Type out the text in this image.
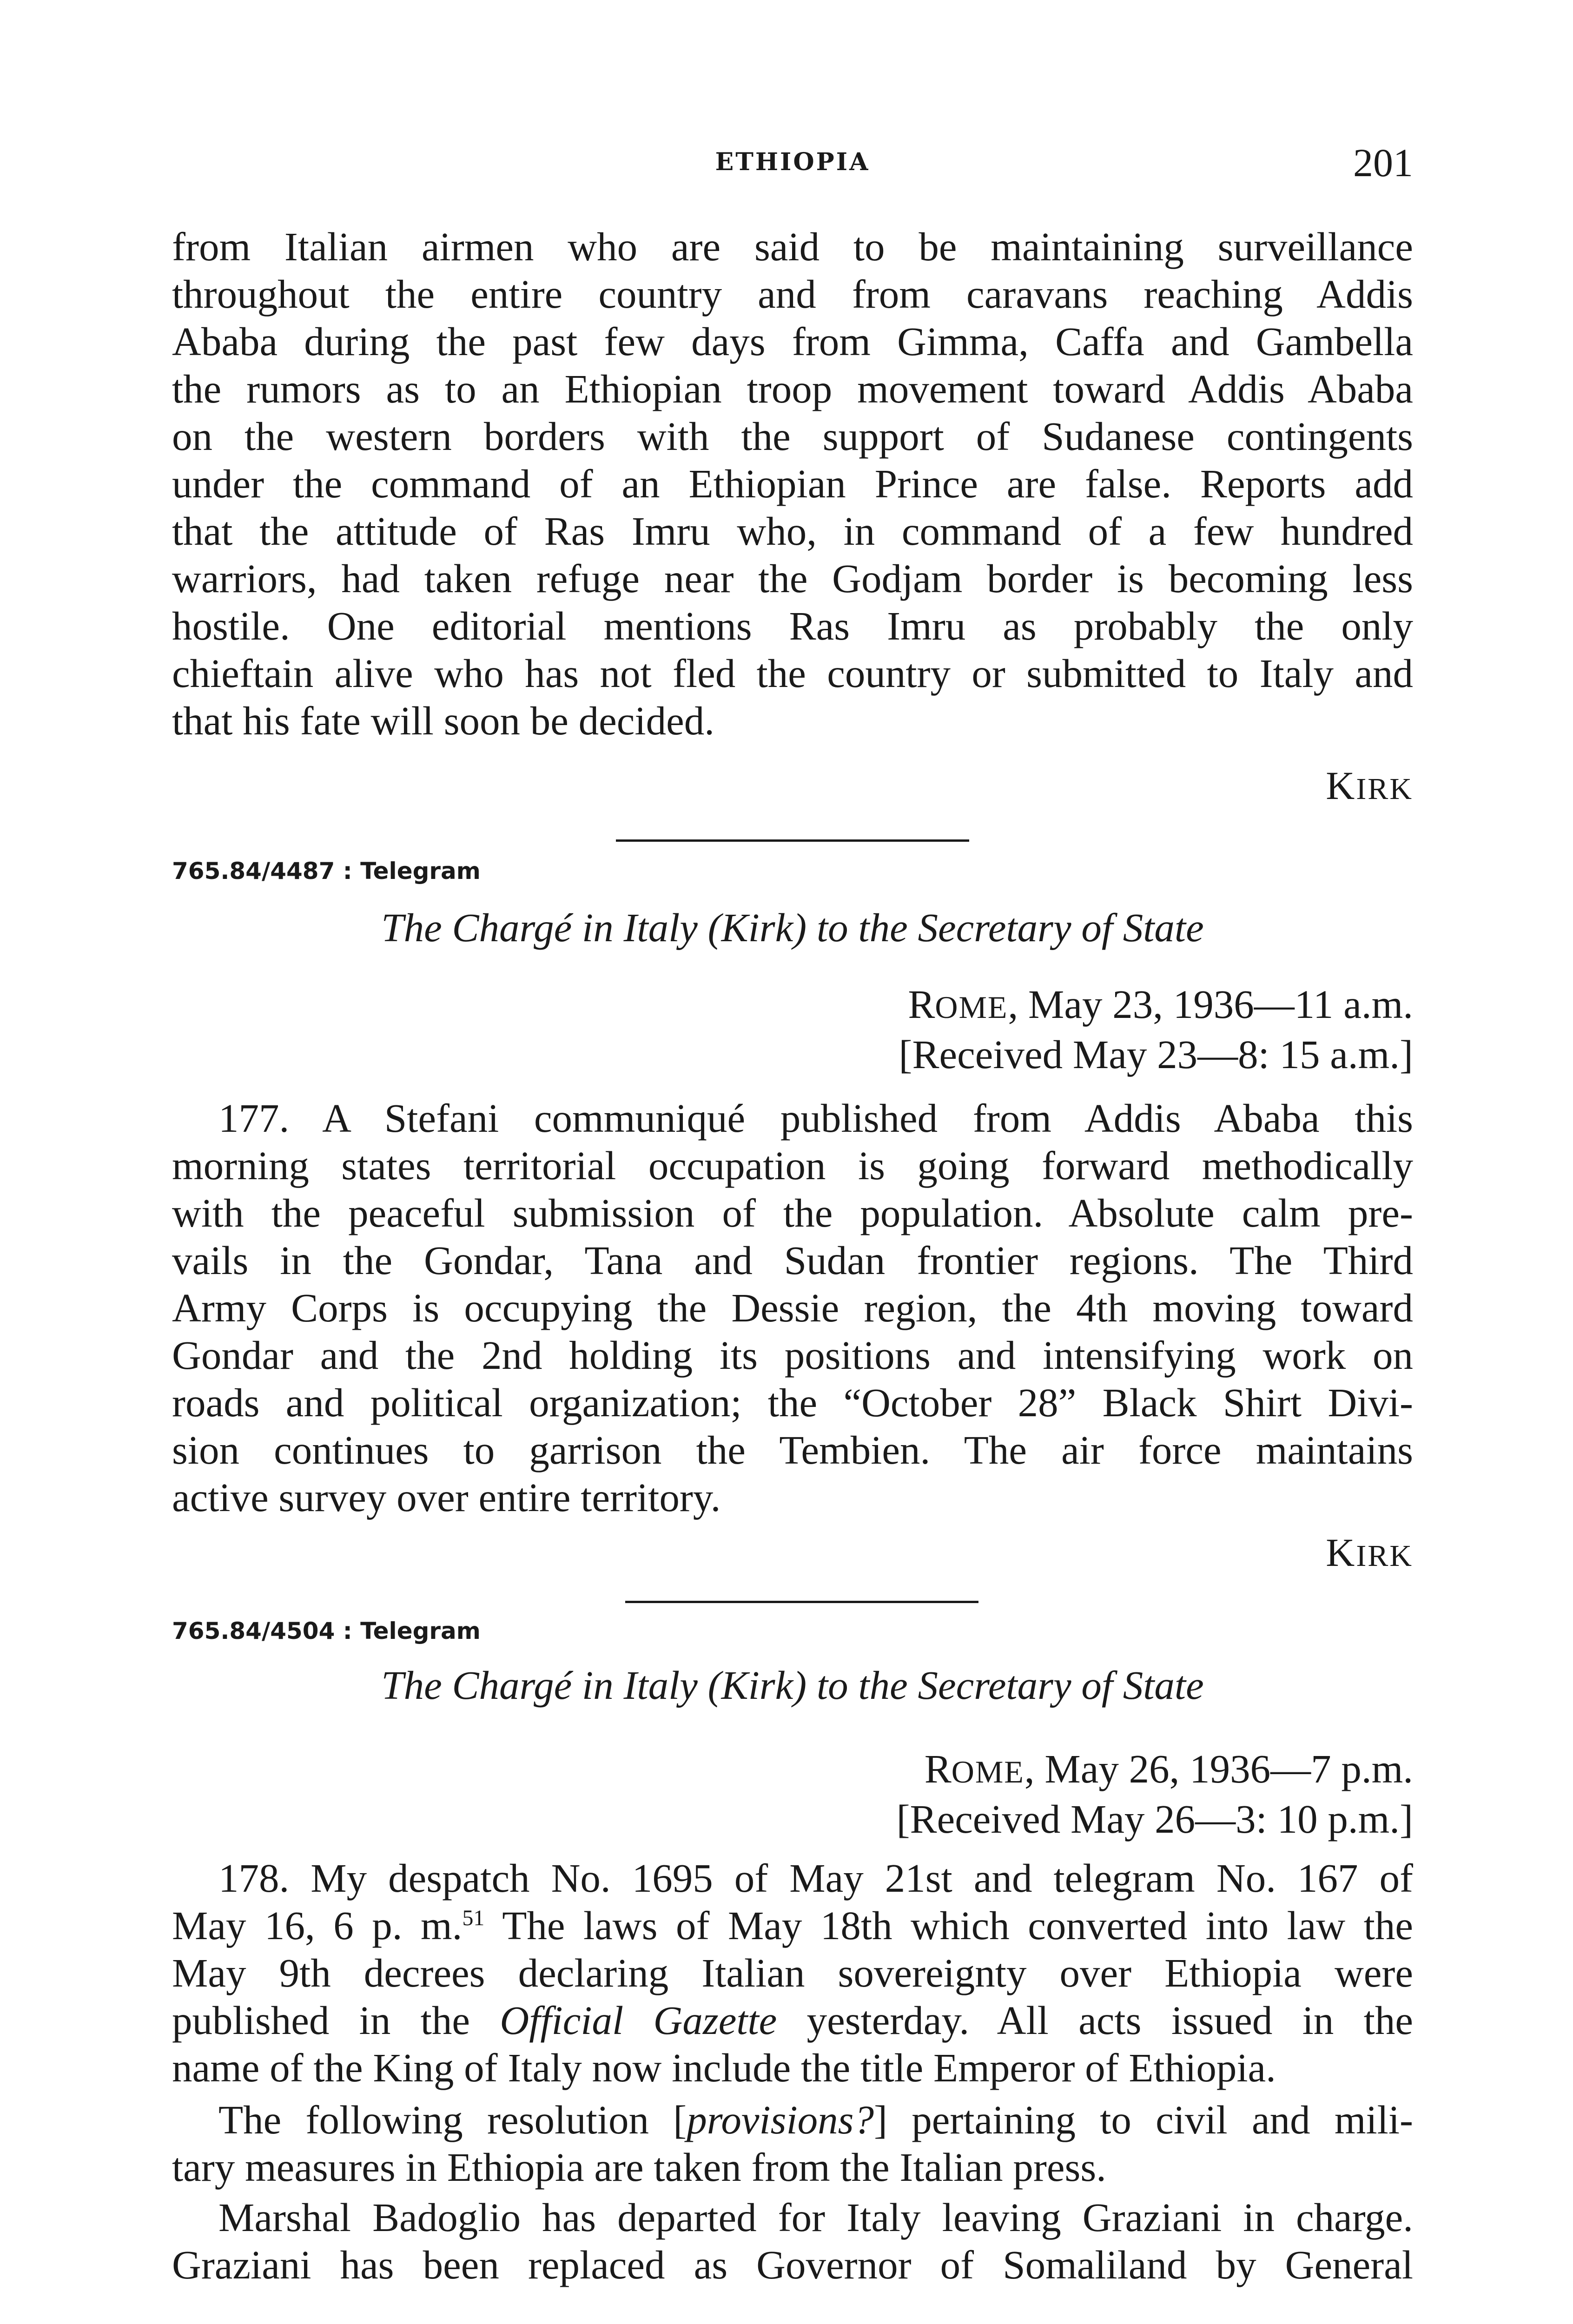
ETHIOPIA	201
from Italian airmen who are said to be maintaining surveillance
throughout the entire country and from caravans reaching Addis
Ababa during the past few days from Gimma, Caffa and Gambella
the rumors as to an Ethiopian troop movement toward Addis Ababa
on the western borders with the support of Sudanese contingents
under the command of an Ethiopian Prince are false. Reports add
that the attitude of Ras Imru who, in command of a few hundred
warriors, had taken refuge near the Godjam border is becoming less
hostile. One editorial mentions Ras Imru as probably the only
chieftain alive who has not fled the country or submitted to Italy and
that his fate will soon be decided.
KIRK
765.84/4487 : Telegram
The Chargé in Italy (Kirk) to the Secretary of State
ROME, May 23, 1936—11 a.m.
[Received May 23—8: 15 a.m.]
177. A Stefani communiqué published from Addis Ababa this
morning states territorial occupation is going forward methodically
with the peaceful submission of the population. Absolute calm pre-
vails in the Gondar, Tana and Sudan frontier regions. The Third
Army Corps is occupying the Dessie region, the 4th moving toward
Gondar and the 2nd holding its positions and intensifying work on
roads and political organization; the “October 28” Black Shirt Divi-
sion continues to garrison the Tembien. The air force maintains
active survey over entire territory.
KIRK
765.84/4504 : Telegram
The Chargé in Italy (Kirk) to the Secretary of State
ROME, May 26, 1936—7 p.m.
[Received May 26—3: 10 p.m.]
178. My despatch No. 1695 of May 21st and telegram No. 167 of
May 16, 6 p. m.$^{51}$ The laws of May 18th which converted into law the
May 9th decrees declaring Italian sovereignty over Ethiopia were
published in the Official Gazette yesterday. All acts issued in the
name of the King of Italy now include the title Emperor of Ethiopia.
The following resolution [provisions?] pertaining to civil and mili-
tary measures in Ethiopia are taken from the Italian press.
Marshal Badoglio has departed for Italy leaving Graziani in charge.
Graziani has been replaced as Governor of Somaliland by General
